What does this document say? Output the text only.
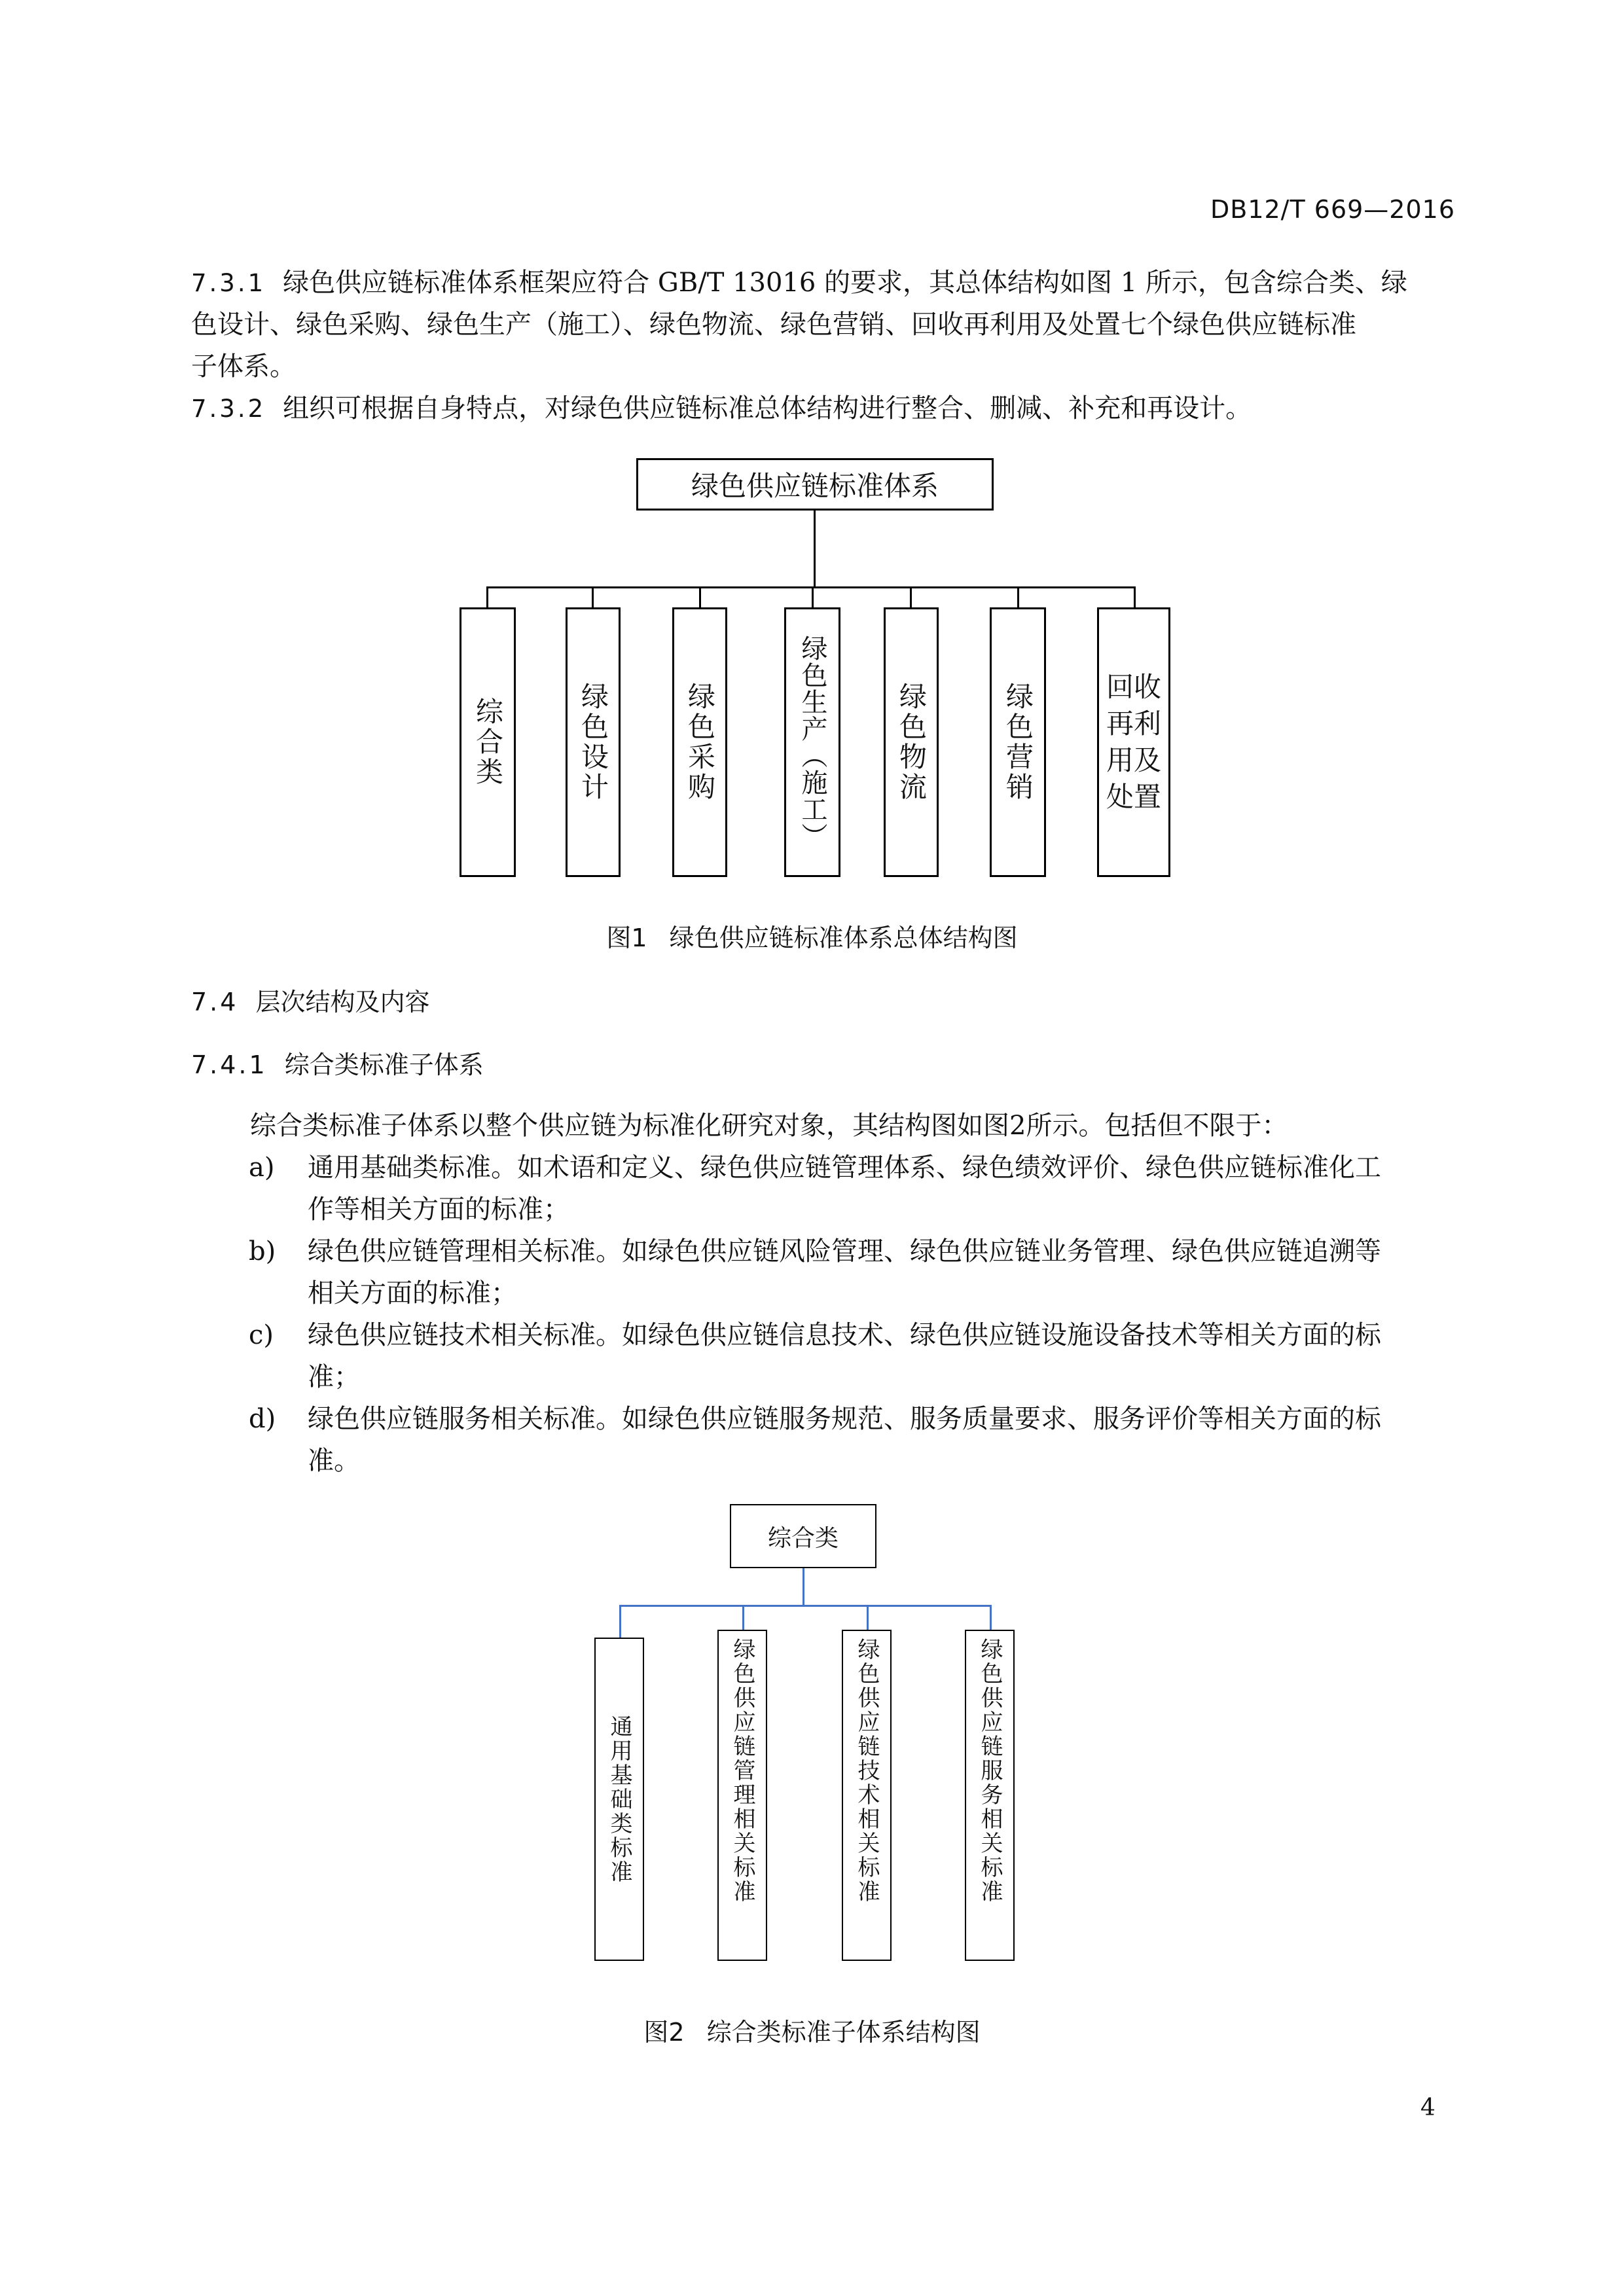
DB12/T 669—2016

7.3.1 绿色供应链标准体系框架应符合 GB/T 13016 的要求，其总体结构如图 1 所示，包含综合类、绿

色设计、绿色采购、绿色生产（施工）、绿色物流、绿色营销、回收再利用及处置七个绿色供应链标准

子体系。

7.3.2 组织可根据自身特点，对绿色供应链标准总体结构进行整合、删减、补充和再设计。

绿色供应链标准体系
综合类	绿色设计	绿色采购	绿色生产（施工） 绿色物流	绿色营销	回收再利用及处置

图1 绿色供应链标准体系总体结构图

7.4 层次结构及内容

7.4.1 综合类标准子体系

综合类标准子体系以整个供应链为标准化研究对象，其结构图如图2所示。包括但不限于：

a)	通用基础类标准。如术语和定义、绿色供应链管理体系、绿色绩效评价、绿色供应链标准化工
作等相关方面的标准；
b)	绿色供应链管理相关标准。如绿色供应链风险管理、绿色供应链业务管理、绿色供应链追溯等
相关方面的标准；
c)	绿色供应链技术相关标准。如绿色供应链信息技术、绿色供应链设施设备技术等相关方面的标
准；
d)	绿色供应链服务相关标准。如绿色供应链服务规范、服务质量要求、服务评价等相关方面的标
准。
综合类
通用基础类标准	绿色供应链管理相关标准	绿色供应链技术相关标准	绿色供应链服务相关标准

图2 综合类标准子体系结构图

4
